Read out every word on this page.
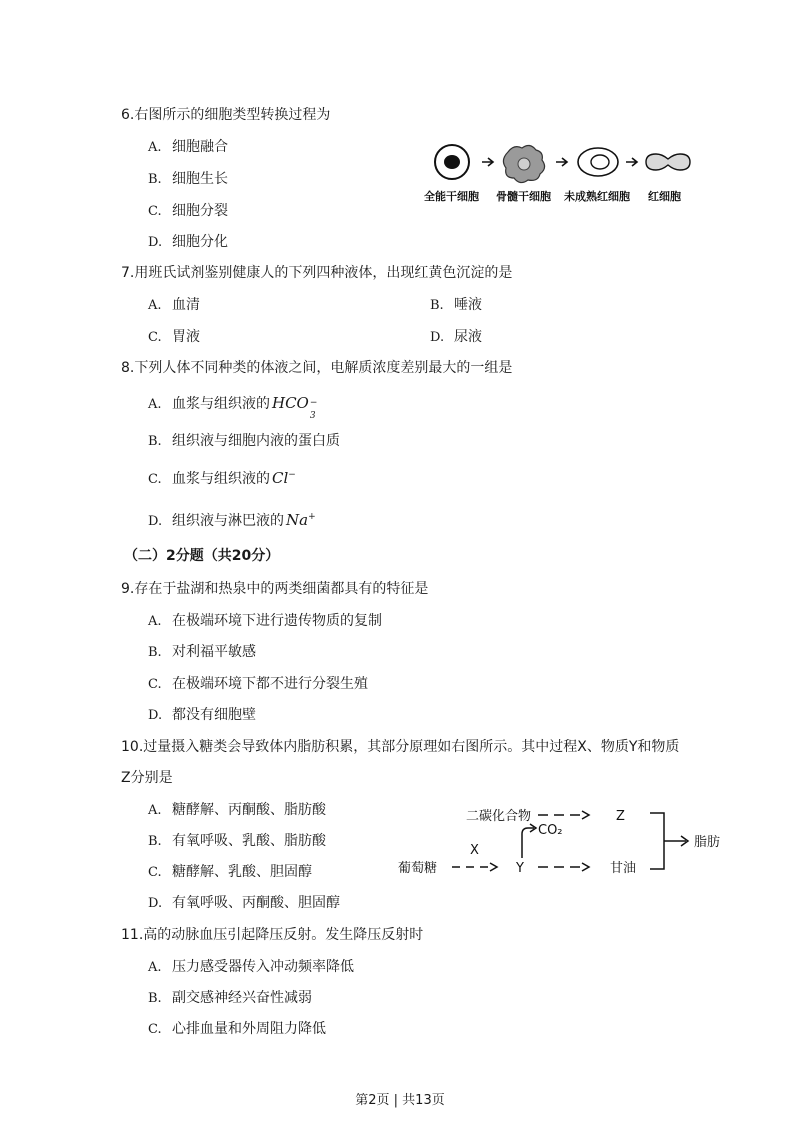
6.右图所示的细胞类型转换过程为
A. 细胞融合
B. 细胞生长
C. 细胞分裂
D. 细胞分化
全能干细胞 骨髓干细胞 未成熟红细胞 红细胞
7.用班氏试剂鉴别健康人的下列四种液体，出现红黄色沉淀的是
A. 血清	B. 唾液
C. 胃液	D. 尿液
8.下列人体不同种类的体液之间，电解质浓度差别最大的一组是
A. 血浆与组织液的 HCO −
3
B. 组织液与细胞内液的蛋白质
C. 血浆与组织液的 Cl−
D. 组织液与淋巴液的 Na+
（二）2分题（共20分）
9.存在于盐湖和热泉中的两类细菌都具有的特征是
A. 在极端环境下进行遗传物质的复制
B. 对利福平敏感
C. 在极端环境下都不进行分裂生殖
D. 都没有细胞壁
10.过量摄入糖类会导致体内脂肪积累，其部分原理如右图所示。其中过程X、物质Y和物质
Z分别是
A. 糖酵解、丙酮酸、脂肪酸
B. 有氧呼吸、乳酸、脂肪酸
C. 糖酵解、乳酸、胆固醇
D. 有氧呼吸、丙酮酸、胆固醇
二碳化合物	Z
脂肪
CO₂
X
葡萄糖	Y	甘油
11.高的动脉血压引起降压反射。发生降压反射时
A. 压力感受器传入冲动频率降低
B. 副交感神经兴奋性减弱
C. 心排血量和外周阻力降低
第2页 | 共13页
